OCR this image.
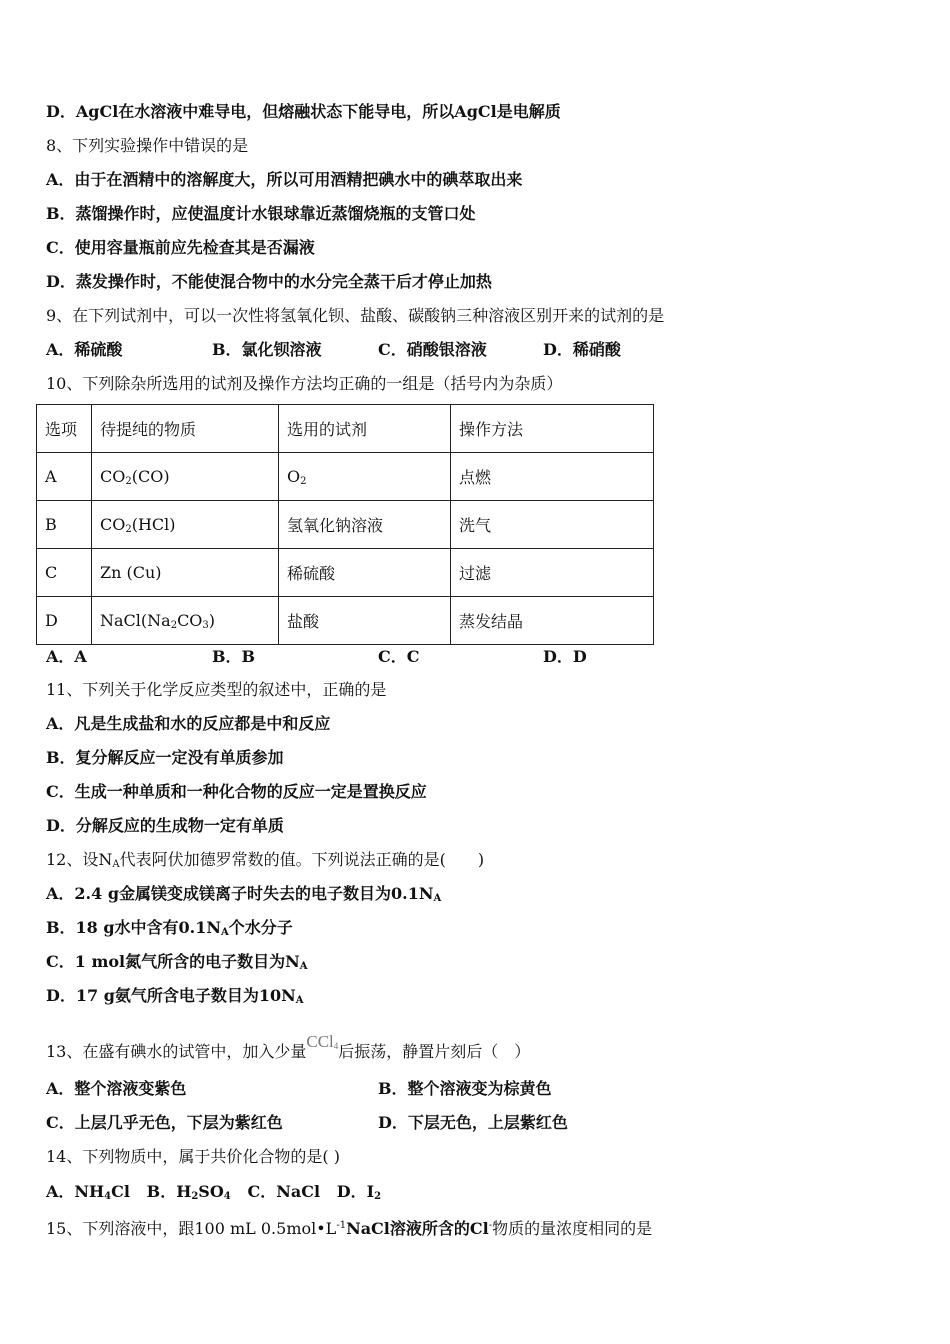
D．AgCl在水溶液中难导电，但熔融状态下能导电，所以AgCl是电解质
8、下列实验操作中错误的是
A．由于在酒精中的溶解度大，所以可用酒精把碘水中的碘萃取出来
B．蒸馏操作时，应使温度计水银球靠近蒸馏烧瓶的支管口处
C．使用容量瓶前应先检查其是否漏液
D．蒸发操作时，不能使混合物中的水分完全蒸干后才停止加热
9、在下列试剂中，可以一次性将氢氧化钡、盐酸、碳酸钠三种溶液区别开来的试剂的是
A．稀硫酸	B．氯化钡溶液	C．硝酸银溶液	D．稀硝酸
10、下列除杂所选用的试剂及操作方法均正确的一组是（括号内为杂质）
选项	待提纯的物质	选用的试剂	操作方法
A	$CO_2(CO)$	$O_2$	点燃
B	$CO_2(HCl)$	氢氧化钠溶液	洗气
C	Zn (Cu)	稀硫酸	过滤
D	$NaCl(Na_2CO_3)$	盐酸	蒸发结晶
A．A	B．B	C．C	D．D
11、下列关于化学反应类型的叙述中，正确的是
A．凡是生成盐和水的反应都是中和反应
B．复分解反应一定没有单质参加
C．生成一种单质和一种化合物的反应一定是置换反应
D．分解反应的生成物一定有单质
12、设$N_A$代表阿伏加德罗常数的值。下列说法正确的是(　　)
A．2.4 g金属镁变成镁离子时失去的电子数目为$0.1N_A$
B．18 g水中含有$0.1N_A$个水分子
C．1 mol氮气所含的电子数目为$N_A$
D．17 g氨气所含电子数目为$10N_A$
13、在盛有碘水的试管中，加入少量CCl$_4$后振荡，静置片刻后（　）
A．整个溶液变紫色	B．整个溶液变为棕黄色
C．上层几乎无色，下层为紫红色	D．下层无色，上层紫红色
14、下列物质中，属于共价化合物的是( )
A．$NH_4Cl$ B．$H_2SO_4$ C．NaCl D．$I_2$
15、下列溶液中，跟100 mL $0.5mol•L^{-1}NaCl$溶液所含的Cl-物质的量浓度相同的是
